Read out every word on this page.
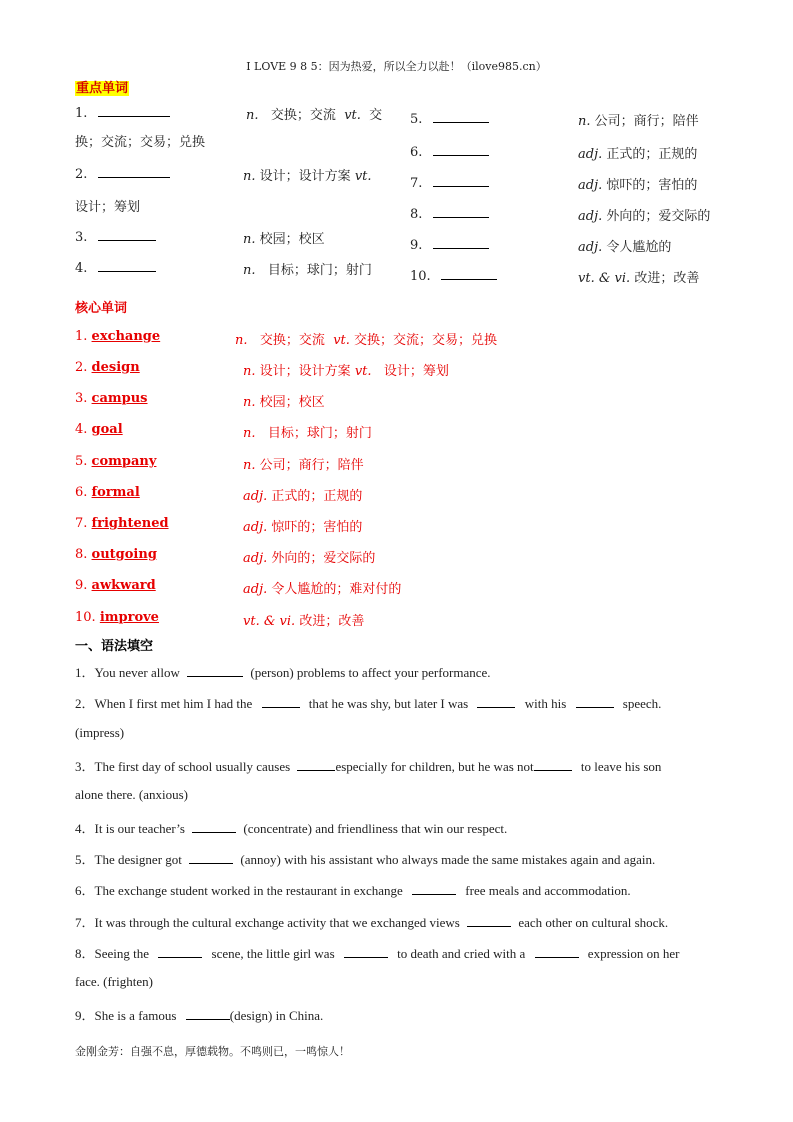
I LOVE 9 8 5：因为热爱，所以全力以赴！（ilove985.cn）
重点单词
1.	n. 交换；交流 vt. 交
换；交流；交易；兑换
2.	n. 设计；设计方案 vt.
设计；筹划
3.	n. 校园；校区
4.	n. 目标；球门；射门
5.	n. 公司；商行；陪伴
6.	adj. 正式的；正规的
7.	adj. 惊吓的；害怕的
8.	adj. 外向的；爱交际的
9.	adj. 令人尴尬的
10.	vt. & vi. 改进；改善
核心单词
1. exchange	n. 交换；交流 vt. 交换；交流；交易；兑换
2. design	n. 设计；设计方案 vt. 设计；筹划
3. campus	n. 校园；校区
4. goal	n. 目标；球门；射门
5. company	n. 公司；商行；陪伴
6. formal	adj. 正式的；正规的
7. frightened	adj. 惊吓的；害怕的
8. outgoing	adj. 外向的；爱交际的
9. awkward	adj. 令人尴尬的；难对付的
10. improve	vt. & vi. 改进；改善
一、语法填空
1．You never allow	(person) problems to affect your performance.
2．When I first met him I had the	that he was shy, but later I was	with his	speech.
(impress)
3．The first day of school usually causes	especially for children, but he was not	to leave his son
alone there. (anxious)
4．It is our teacher’s	(concentrate) and friendliness that win our respect.
5．The designer got	(annoy) with his assistant who always made the same mistakes again and again.
6．The exchange student worked in the restaurant in exchange	free meals and accommodation.
7．It was through the cultural exchange activity that we exchanged views	each other on cultural shock.
8．Seeing the	scene, the little girl was	to death and cried with a	expression on her
face. (frighten)
9．She is a famous	(design) in China.
金刚金芳：自强不息，厚德载物。不鸣则已，一鸣惊人！
